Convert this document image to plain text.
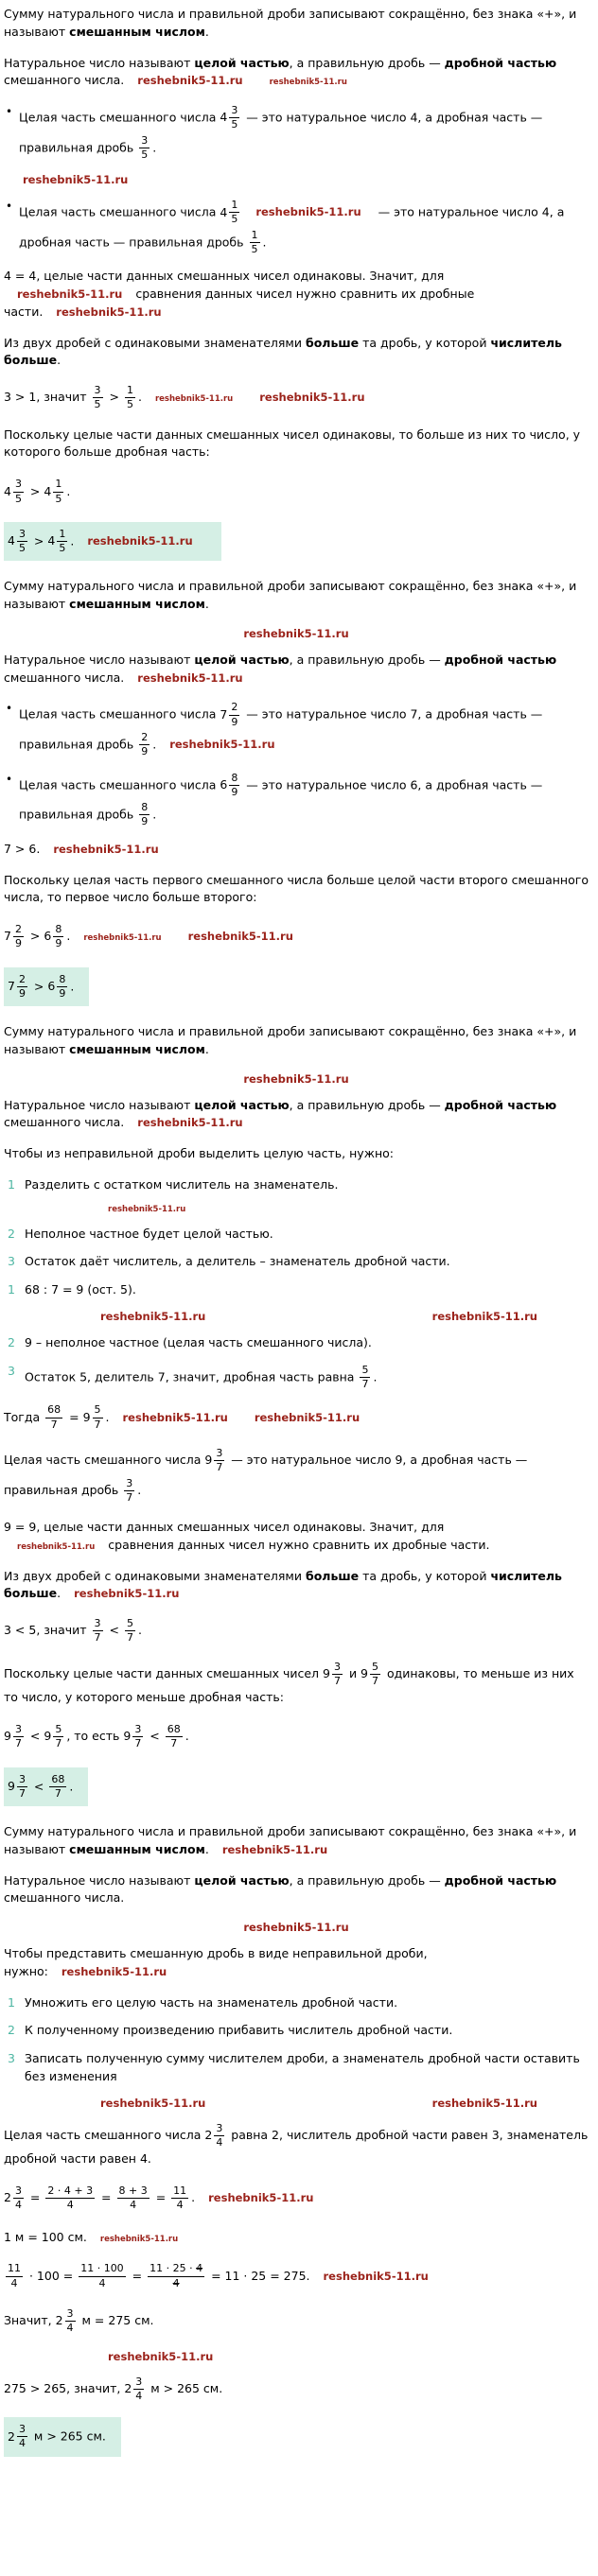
Сумму натурального числа и правильной дроби записывают сокращённо, без знака «+», и называют смешанным числом.
Натуральное число называют целой частью, а правильную дробь — дробной частью смешанного числа. reshebnik5-11.ru	reshebnik5-11.ru
• Целая часть смешанного числа $4 \frac{3}{5}$ — это натуральное число 4, а дробная часть — правильная дробь $\frac{3}{5}$ .
reshebnik5-11.ru
• Целая часть смешанного числа $4 \frac{1}{5}$ reshebnik5-11.ru — это натуральное число 4, а дробная часть — правильная дробь $\frac{1}{5}$ .
4 = 4, целые части данных смешанных чисел одинаковы. Значит, для reshebnik5-11.ru сравнения данных чисел нужно сравнить их дробные части. reshebnik5-11.ru
Из двух дробей с одинаковыми знаменателями больше та дробь, у которой числитель больше.
3 > 1, значит $\frac{3}{5} > \frac{1}{5}$ . reshebnik5-11.ru reshebnik5-11.ru
Поскольку целые части данных смешанных чисел одинаковы, то больше из них то число, у которого больше дробная часть:
$4 \frac{3}{5} > 4 \frac{1}{5}$ .
$4 \frac{3}{5} > 4 \frac{1}{5}$ . reshebnik5-11.ru
Сумму натурального числа и правильной дроби записывают сокращённо, без знака «+», и называют смешанным числом.
reshebnik5-11.ru
Натуральное число называют целой частью, а правильную дробь — дробной частью смешанного числа. reshebnik5-11.ru
• Целая часть смешанного числа $7 \frac{2}{9}$ — это натуральное число 7, а дробная часть — правильная дробь $\frac{2}{9}$ . reshebnik5-11.ru
• Целая часть смешанного числа $6 \frac{8}{9}$ — это натуральное число 6, а дробная часть — правильная дробь $\frac{8}{9}$ .
7 > 6. reshebnik5-11.ru
Поскольку целая часть первого смешанного числа больше целой части второго смешанного числа, то первое число больше второго:
$7 \frac{2}{9} > 6 \frac{8}{9}$ . reshebnik5-11.ru reshebnik5-11.ru
$7 \frac{2}{9} > 6 \frac{8}{9}$ .
Сумму натурального числа и правильной дроби записывают сокращённо, без знака «+», и называют смешанным числом.
reshebnik5-11.ru
Натуральное число называют целой частью, а правильную дробь — дробной частью смешанного числа. reshebnik5-11.ru
Чтобы из неправильной дроби выделить целую часть, нужно:
1 Разделить с остатком числитель на знаменатель.
reshebnik5-11.ru
2 Неполное частное будет целой частью.
3 Остаток даёт числитель, а делитель – знаменатель дробной части.
1 68 : 7 = 9 (ост. 5).
reshebnik5-11.ru	reshebnik5-11.ru
2 9 – неполное частное (целая часть смешанного числа).
3 Остаток 5, делитель 7, значит, дробная часть равна $\frac{5}{7}$ .
Тогда $\frac{68}{7} = 9 \frac{5}{7}$ . reshebnik5-11.ru reshebnik5-11.ru
Целая часть смешанного числа $9 \frac{3}{7}$ — это натуральное число 9, а дробная часть — правильная дробь $\frac{3}{7}$ .
9 = 9, целые части данных смешанных чисел одинаковы. Значит, для reshebnik5-11.ru сравнения данных чисел нужно сравнить их дробные части.
Из двух дробей с одинаковыми знаменателями больше та дробь, у которой числитель больше. reshebnik5-11.ru
3 < 5, значит $\frac{3}{7} < \frac{5}{7}$ .
Поскольку целые части данных смешанных чисел $9 \frac{3}{7}$ и $9 \frac{5}{7}$ одинаковы, то меньше из них то число, у которого меньше дробная часть:
$9 \frac{3}{7} < 9 \frac{5}{7}$ , то есть $9 \frac{3}{7} < \frac{68}{7}$ .
$9 \frac{3}{7} < \frac{68}{7}$ .
Сумму натурального числа и правильной дроби записывают сокращённо, без знака «+», и называют смешанным числом. reshebnik5-11.ru
Натуральное число называют целой частью, а правильную дробь — дробной частью смешанного числа.
reshebnik5-11.ru
Чтобы представить смешанную дробь в виде неправильной дроби, нужно: reshebnik5-11.ru
1 Умножить его целую часть на знаменатель дробной части.
2 К полученному произведению прибавить числитель дробной части.
3 Записать полученную сумму числителем дроби, а знаменатель дробной части оставить без изменения
reshebnik5-11.ru	reshebnik5-11.ru
Целая часть смешанного числа $2 \frac{3}{4}$ равна 2, числитель дробной части равен 3, знаменатель дробной части равен 4.
$2 \frac{3}{4} = \frac{2 \cdot 4 + 3}{4} = \frac{8 + 3}{4} = \frac{11}{4}$ . reshebnik5-11.ru
1 м = 100 см. reshebnik5-11.ru
$\frac{11}{4} \cdot 100 = \frac{11 \cdot 100}{4} = \frac{11 \cdot 25 \cdot 4}{4} = 11 \cdot 25 = 275$. reshebnik5-11.ru
Значит, $2 \frac{3}{4}$ м = 275 см.
reshebnik5-11.ru
275 > 265, значит, $2 \frac{3}{4}$ м > 265 см.
$2 \frac{3}{4}$ м > 265 см.
